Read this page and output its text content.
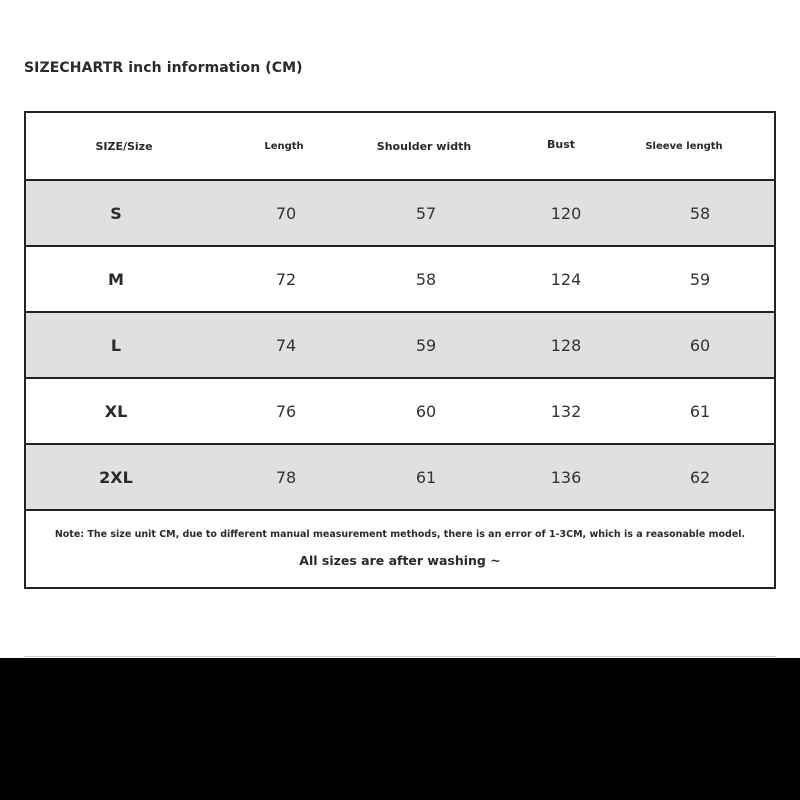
SIZECHARTR inch information (CM)
SIZE/Size	Length	Shoulder width	Bust	Sleeve length
S	70	57	120	58
M	72	58	124	59
L	74	59	128	60
XL	76	60	132	61
2XL	78	61	136	62
Note: The size unit CM, due to different manual measurement methods, there is an error of 1-3CM, which is a reasonable model.
All sizes are after washing ~
